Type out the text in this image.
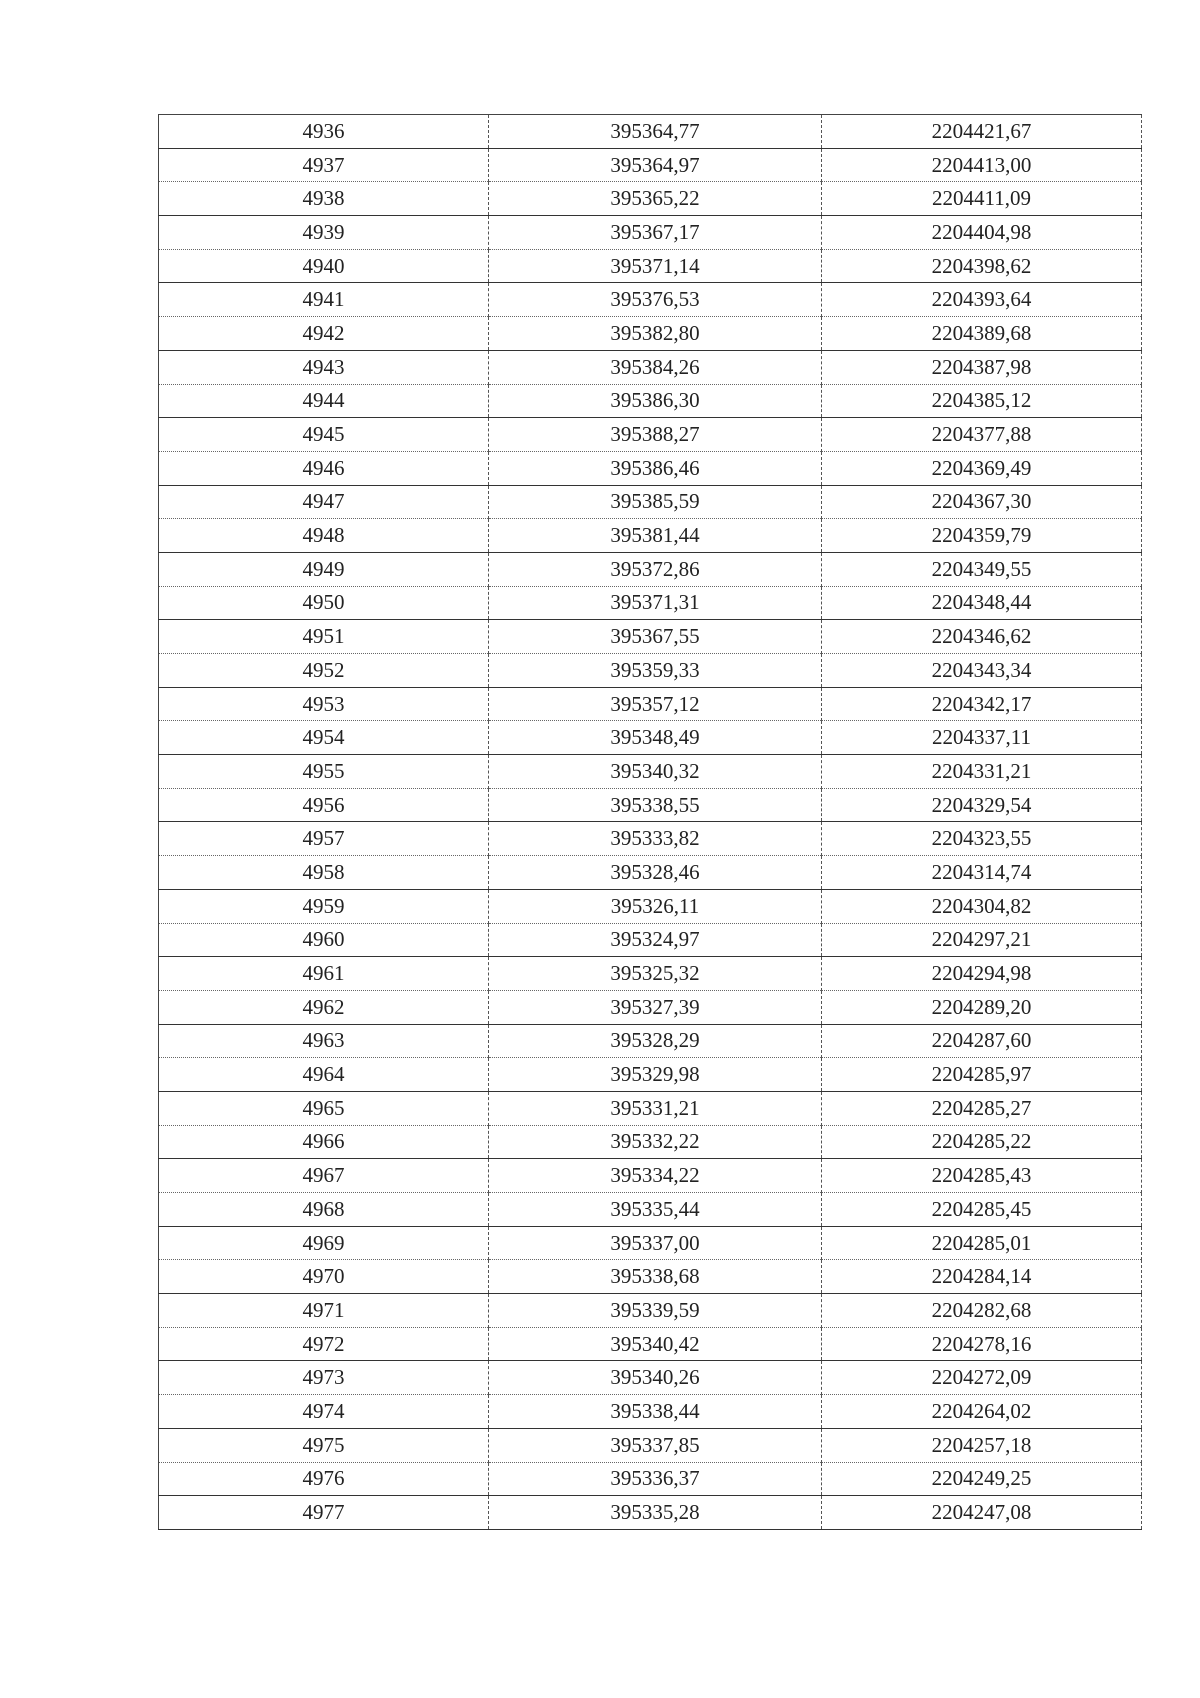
4936	395364,77	2204421,67
4937	395364,97	2204413,00
4938	395365,22	2204411,09
4939	395367,17	2204404,98
4940	395371,14	2204398,62
4941	395376,53	2204393,64
4942	395382,80	2204389,68
4943	395384,26	2204387,98
4944	395386,30	2204385,12
4945	395388,27	2204377,88
4946	395386,46	2204369,49
4947	395385,59	2204367,30
4948	395381,44	2204359,79
4949	395372,86	2204349,55
4950	395371,31	2204348,44
4951	395367,55	2204346,62
4952	395359,33	2204343,34
4953	395357,12	2204342,17
4954	395348,49	2204337,11
4955	395340,32	2204331,21
4956	395338,55	2204329,54
4957	395333,82	2204323,55
4958	395328,46	2204314,74
4959	395326,11	2204304,82
4960	395324,97	2204297,21
4961	395325,32	2204294,98
4962	395327,39	2204289,20
4963	395328,29	2204287,60
4964	395329,98	2204285,97
4965	395331,21	2204285,27
4966	395332,22	2204285,22
4967	395334,22	2204285,43
4968	395335,44	2204285,45
4969	395337,00	2204285,01
4970	395338,68	2204284,14
4971	395339,59	2204282,68
4972	395340,42	2204278,16
4973	395340,26	2204272,09
4974	395338,44	2204264,02
4975	395337,85	2204257,18
4976	395336,37	2204249,25
4977	395335,28	2204247,08
